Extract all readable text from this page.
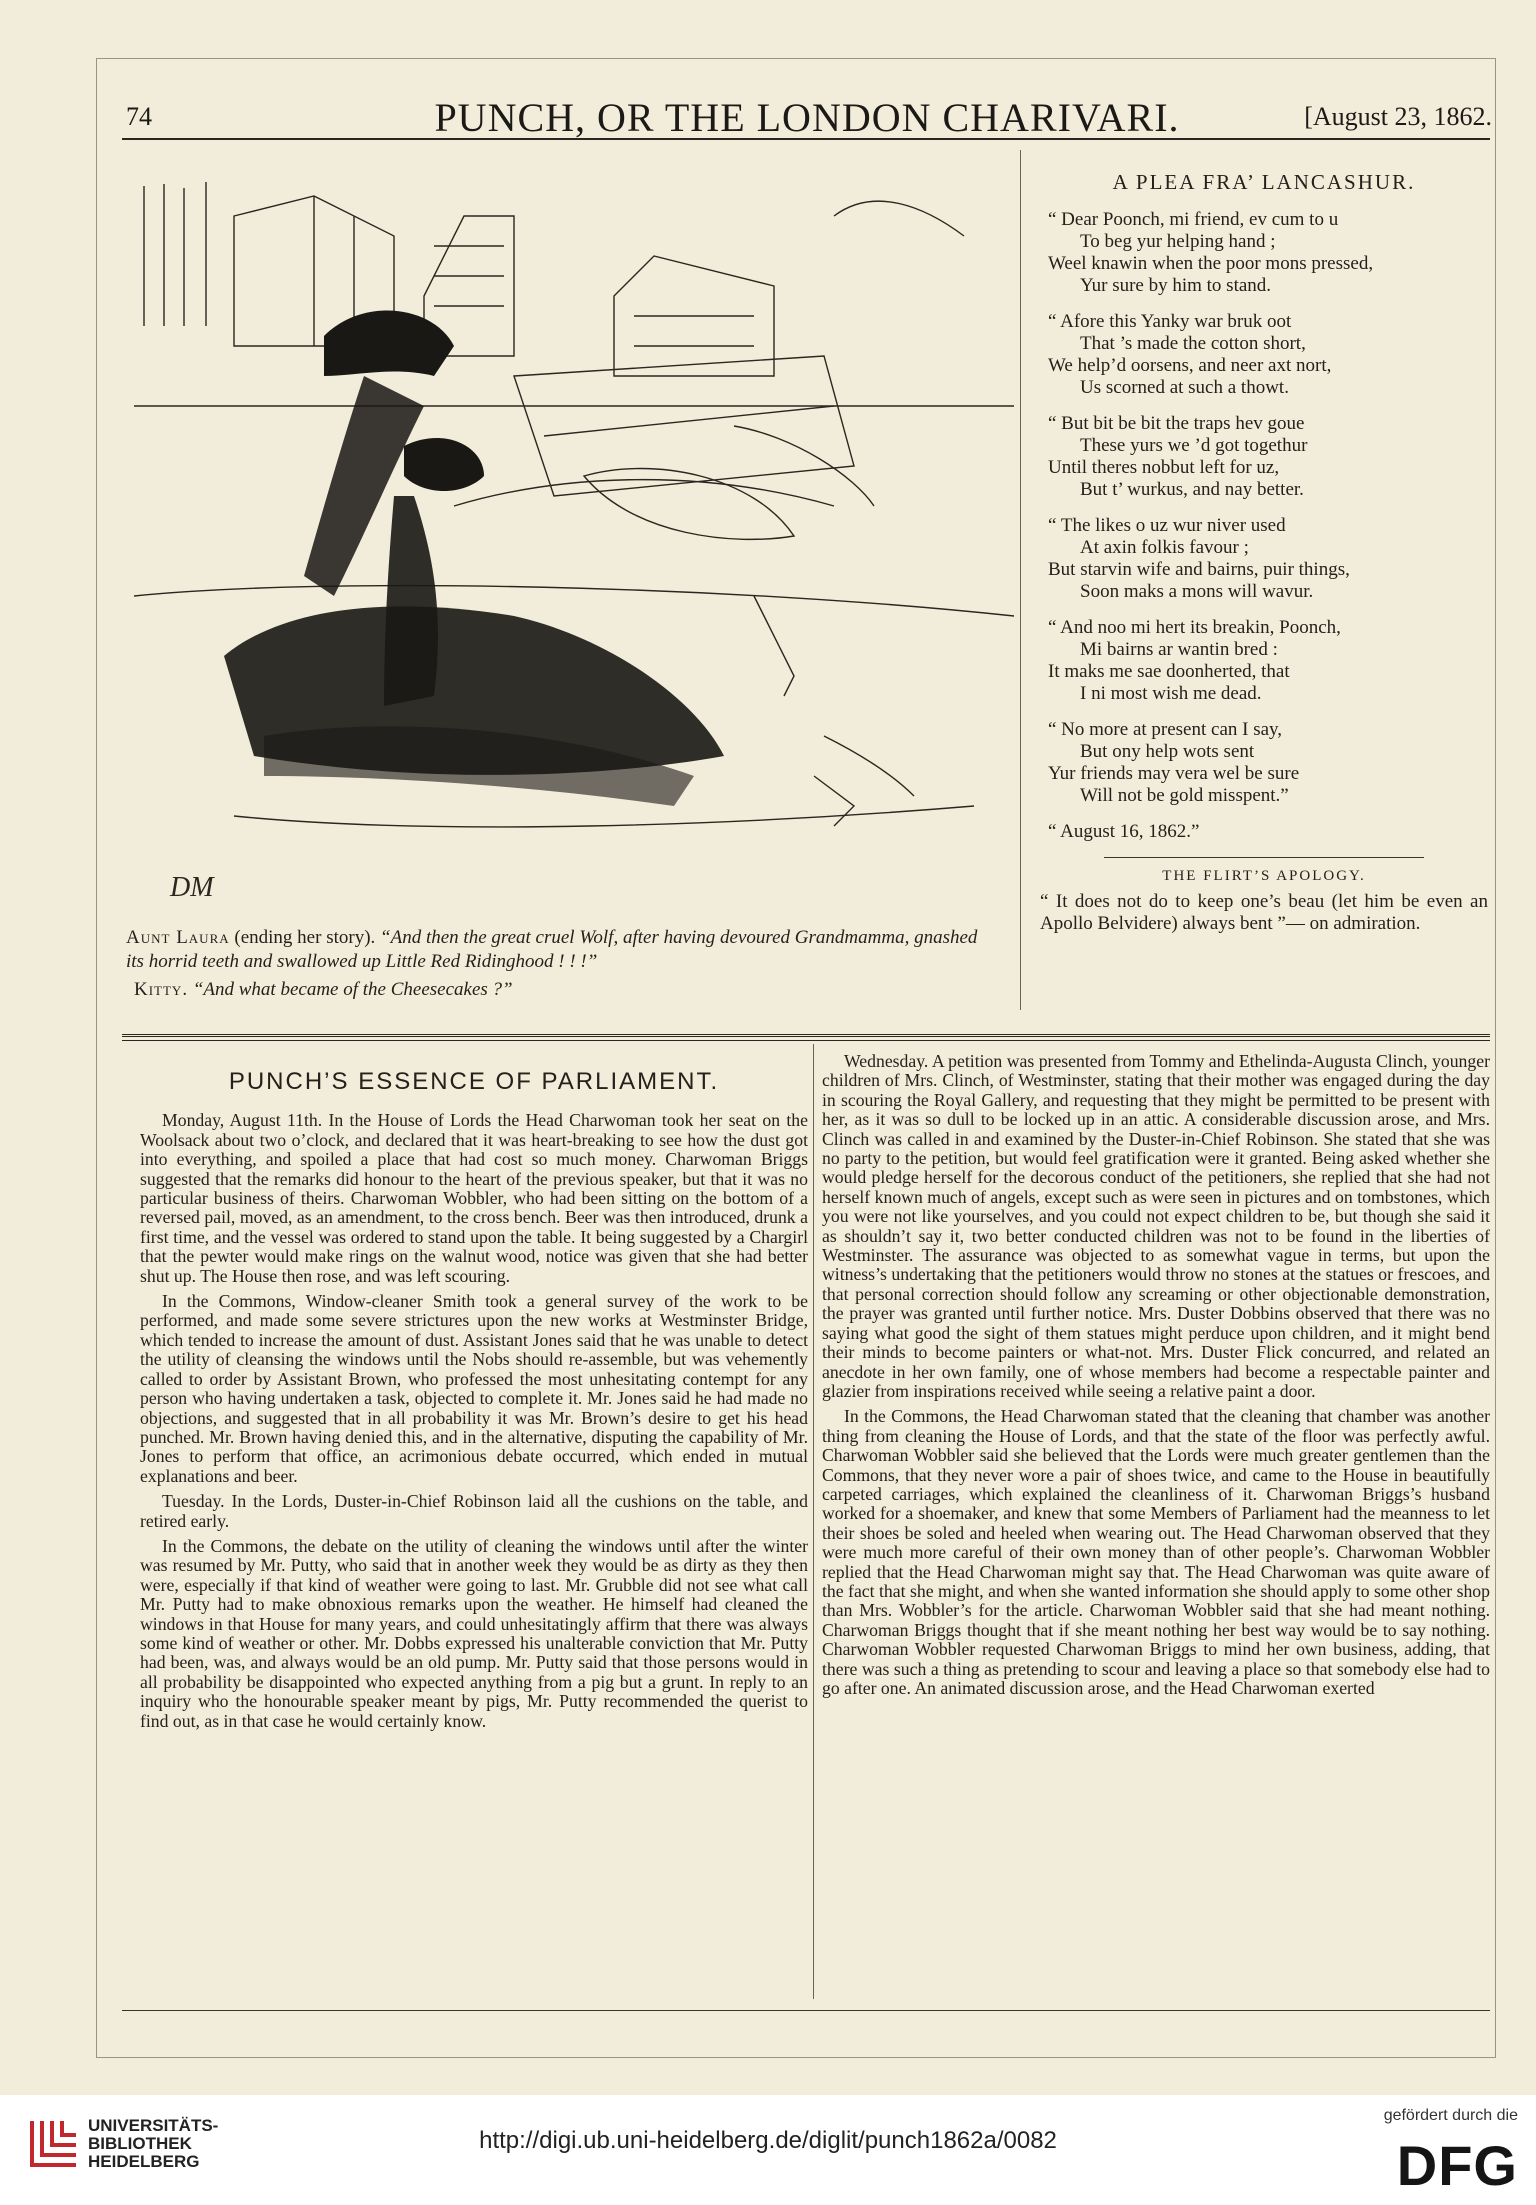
74	PUNCH, OR THE LONDON CHARIVARI.	[August 23, 1862.
DM
Aunt Laura (ending her story). “And then the great cruel Wolf, after having devoured Grandmamma, gnashed its horrid teeth and swallowed up Little Red Ridinghood ! ! !”
Kitty. “And what became of the Cheesecakes ?”
A PLEA FRA’ LANCASHUR.
“ Dear Poonch, mi friend, ev cum to u
To beg yur helping hand ;
Weel knawin when the poor mons pressed,
Yur sure by him to stand.
“ Afore this Yanky war bruk oot
That ’s made the cotton short,
We help’d oorsens, and neer axt nort,
Us scorned at such a thowt.
“ But bit be bit the traps hev goue
These yurs we ’d got togethur
Until theres nobbut left for uz,
But t’ wurkus, and nay better.
“ The likes o uz wur niver used
At axin folkis favour ;
But starvin wife and bairns, puir things,
Soon maks a mons will wavur.
“ And noo mi hert its breakin, Poonch,
Mi bairns ar wantin bred :
It maks me sae doonherted, that
I ni most wish me dead.
“ No more at present can I say,
But ony help wots sent
Yur friends may vera wel be sure
Will not be gold misspent.”
“ August 16, 1862.”
THE FLIRT’S APOLOGY.
“ It does not do to keep one’s beau (let him be even an Apollo Belvidere) always bent ”— on admiration.
PUNCH’S ESSENCE OF PARLIAMENT.

Monday, August 11th. In the House of Lords the Head Charwoman took her seat on the Woolsack about two o’clock, and declared that it was heart-breaking to see how the dust got into everything, and spoiled a place that had cost so much money. Charwoman Briggs suggested that the remarks did honour to the heart of the previous speaker, but that it was no particular business of theirs. Charwoman Wobbler, who had been sitting on the bottom of a reversed pail, moved, as an amendment, to the cross bench. Beer was then introduced, drunk a first time, and the vessel was ordered to stand upon the table. It being suggested by a Chargirl that the pewter would make rings on the walnut wood, notice was given that she had better shut up. The House then rose, and was left scouring.

In the Commons, Window-cleaner Smith took a general survey of the work to be performed, and made some severe strictures upon the new works at Westminster Bridge, which tended to increase the amount of dust. Assistant Jones said that he was unable to detect the utility of cleansing the windows until the Nobs should re-assemble, but was vehemently called to order by Assistant Brown, who professed the most unhesitating contempt for any person who having undertaken a task, objected to complete it. Mr. Jones said he had made no objections, and suggested that in all probability it was Mr. Brown’s desire to get his head punched. Mr. Brown having denied this, and in the alternative, disputing the capability of Mr. Jones to perform that office, an acrimonious debate occurred, which ended in mutual explanations and beer.

Tuesday. In the Lords, Duster-in-Chief Robinson laid all the cushions on the table, and retired early.

In the Commons, the debate on the utility of cleaning the windows until after the winter was resumed by Mr. Putty, who said that in another week they would be as dirty as they then were, especially if that kind of weather were going to last. Mr. Grubble did not see what call Mr. Putty had to make obnoxious remarks upon the weather. He himself had cleaned the windows in that House for many years, and could unhesitatingly affirm that there was always some kind of weather or other. Mr. Dobbs expressed his unalterable conviction that Mr. Putty had been, was, and always would be an old pump. Mr. Putty said that those persons would in all probability be disappointed who expected anything from a pig but a grunt. In reply to an inquiry who the honourable speaker meant by pigs, Mr. Putty recommended the querist to find out, as in that case he would certainly know.

Wednesday. A petition was presented from Tommy and Ethelinda-Augusta Clinch, younger children of Mrs. Clinch, of Westminster, stating that their mother was engaged during the day in scouring the Royal Gallery, and requesting that they might be permitted to be present with her, as it was so dull to be locked up in an attic. A considerable discussion arose, and Mrs. Clinch was called in and examined by the Duster-in-Chief Robinson. She stated that she was no party to the petition, but would feel gratification were it granted. Being asked whether she would pledge herself for the decorous conduct of the petitioners, she replied that she had not herself known much of angels, except such as were seen in pictures and on tombstones, which you were not like yourselves, and you could not expect children to be, but though she said it as shouldn’t say it, two better conducted children was not to be found in the liberties of Westminster. The assurance was objected to as somewhat vague in terms, but upon the witness’s undertaking that the petitioners would throw no stones at the statues or frescoes, and that personal correction should follow any screaming or other objectionable demonstration, the prayer was granted until further notice. Mrs. Duster Dobbins observed that there was no saying what good the sight of them statues might perduce upon children, and it might bend their minds to become painters or what-not. Mrs. Duster Flick concurred, and related an anecdote in her own family, one of whose members had become a respectable painter and glazier from inspirations received while seeing a relative paint a door.

In the Commons, the Head Charwoman stated that the cleaning that chamber was another thing from cleaning the House of Lords, and that the state of the floor was perfectly awful. Charwoman Wobbler said she believed that the Lords were much greater gentlemen than the Commons, that they never wore a pair of shoes twice, and came to the House in beautifully carpeted carriages, which explained the cleanliness of it. Charwoman Briggs’s husband worked for a shoemaker, and knew that some Members of Parliament had the meanness to let their shoes be soled and heeled when wearing out. The Head Charwoman observed that they were much more careful of their own money than of other people’s. Charwoman Wobbler replied that the Head Charwoman might say that. The Head Charwoman was quite aware of the fact that she might, and when she wanted information she should apply to some other shop than Mrs. Wobbler’s for the article. Charwoman Wobbler said that she had meant nothing. Charwoman Briggs thought that if she meant nothing her best way would be to say nothing. Charwoman Wobbler requested Charwoman Briggs to mind her own business, adding, that there was such a thing as pretending to scour and leaving a place so that somebody else had to go after one. An animated discussion arose, and the Head Charwoman exerted

UNIVERSITÄTS-
BIBLIOTHEK
HEIDELBERG
http://digi.ub.uni-heidelberg.de/diglit/punch1862a/0082
gefördert durch die
DFG
